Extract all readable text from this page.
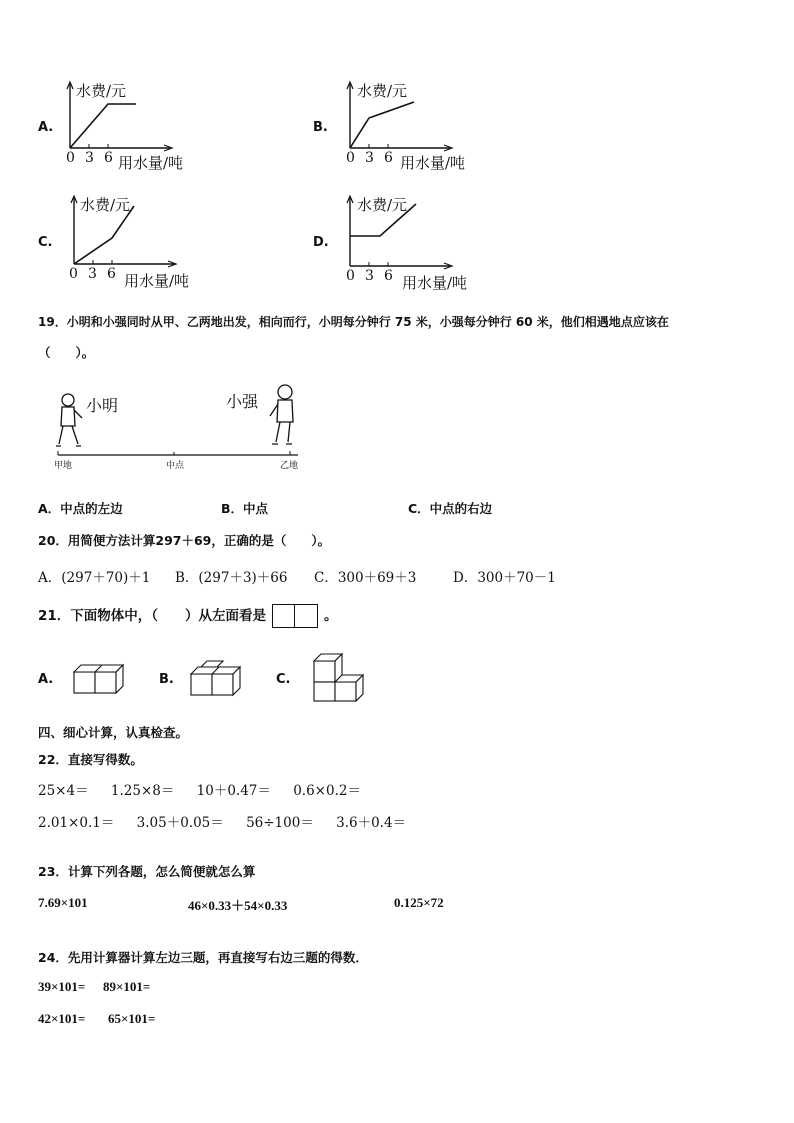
A.
水费/元
0 3 6 用水量/吨
B.
水费/元
0 3 6 用水量/吨
C.
水费/元
0 3 6 用水量/吨
D.
水费/元
0 3 6 用水量/吨
19．小明和小强同时从甲、乙两地出发，相向而行，小明每分钟行 75 米，小强每分钟行 60 米，他们相遇地点应该在
（　　）。
小明	小强
甲地	中点	乙地
A．中点的左边	B．中点	C．中点的右边
20．用简便方法计算297＋69，正确的是（　　）。
A．(297＋70)＋1 B．(297＋3)＋66 C．300＋69＋3	D．300＋70－1
21．下面物体中，（　　）从左面看是	。
A.	B.	C.
四、细心计算，认真检查。
22．直接写得数。
25×4＝ 1.25×8＝ 10＋0.47＝ 0.6×0.2＝
2.01×0.1＝ 3.05＋0.05＝ 56÷100＝ 3.6＋0.4＝
23．计算下列各题，怎么简便就怎么算
7.69×101	46×0.33＋54×0.33	0.125×72
24．先用计算器计算左边三题，再直接写右边三题的得数．
39×101= 89×101=
42×101= 65×101=
